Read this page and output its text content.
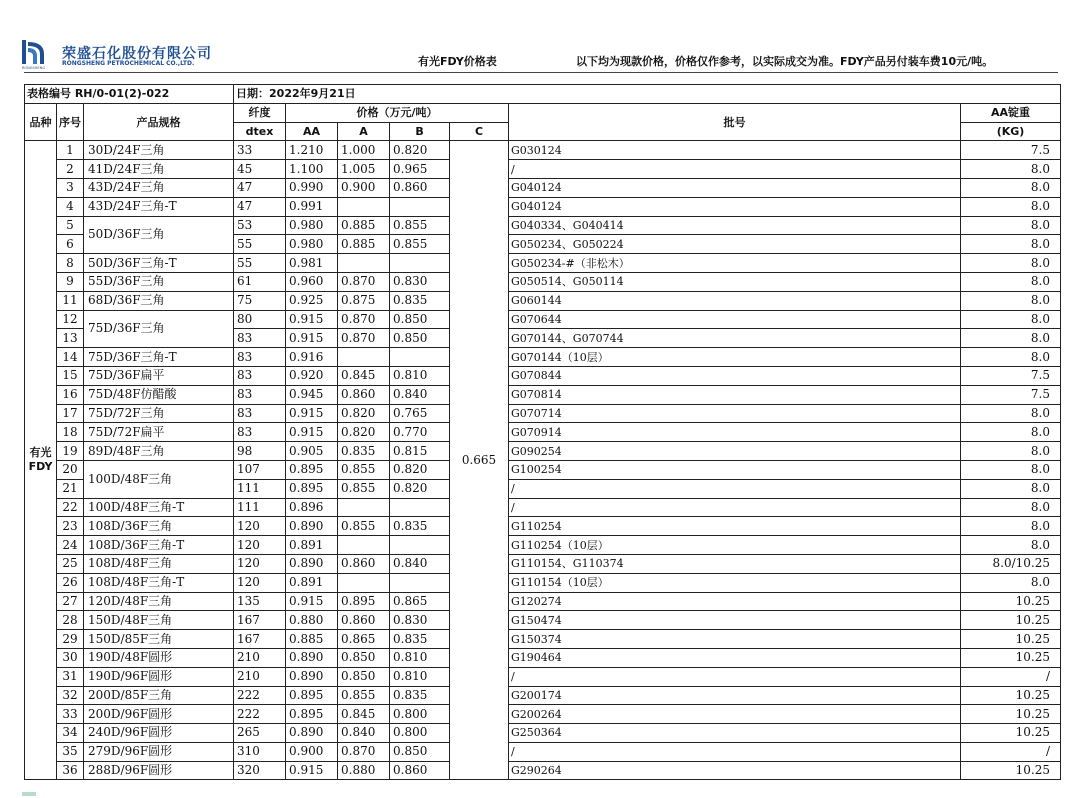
RONGSHENG
荣盛石化股份有限公司
RONGSHENG PETROCHEMICAL CO.,LTD.	有光FDY价格表	以下均为现款价格，价格仅作参考，以实际成交为准。FDY产品另付装车费10元/吨。
表格编号 RH/0-01(2)-022			日期：2022年9月21日						
品种	序号	产品规格	纤度	价格（万元/吨）				批号	AA锭重
			dtex	AA	A	B	C		(KG)
有光FDY	1	30D/24F三角	33	1.210	1.000	0.820	0.665	G030124	7.5
	2	41D/24F三角	45	1.100	1.005	0.965		/	8.0
	3	43D/24F三角	47	0.990	0.900	0.860		G040124	8.0
	4	43D/24F三角-T	47	0.991				G040124	8.0
	5	50D/36F三角	53	0.980	0.885	0.855		G040334、G040414	8.0
	6		55	0.980	0.885	0.855		G050234、G050224	8.0
	8	50D/36F三角-T	55	0.981				G050234-#（非松木）	8.0
	9	55D/36F三角	61	0.960	0.870	0.830		G050514、G050114	8.0
	11	68D/36F三角	75	0.925	0.875	0.835		G060144	8.0
	12	75D/36F三角	80	0.915	0.870	0.850		G070644	8.0
	13		83	0.915	0.870	0.850		G070144、G070744	8.0
	14	75D/36F三角-T	83	0.916				G070144（10层）	8.0
	15	75D/36F扁平	83	0.920	0.845	0.810		G070844	7.5
	16	75D/48F仿醋酸	83	0.945	0.860	0.840		G070814	7.5
	17	75D/72F三角	83	0.915	0.820	0.765		G070714	8.0
	18	75D/72F扁平	83	0.915	0.820	0.770		G070914	8.0
	19	89D/48F三角	98	0.905	0.835	0.815		G090254	8.0
	20	100D/48F三角	107	0.895	0.855	0.820		G100254	8.0
	21		111	0.895	0.855	0.820		/	8.0
	22	100D/48F三角-T	111	0.896				/	8.0
	23	108D/36F三角	120	0.890	0.855	0.835		G110254	8.0
	24	108D/36F三角-T	120	0.891				G110254（10层）	8.0
	25	108D/48F三角	120	0.890	0.860	0.840		G110154、G110374	8.0/10.25
	26	108D/48F三角-T	120	0.891				G110154（10层）	8.0
	27	120D/48F三角	135	0.915	0.895	0.865		G120274	10.25
	28	150D/48F三角	167	0.880	0.860	0.830		G150474	10.25
	29	150D/85F三角	167	0.885	0.865	0.835		G150374	10.25
	30	190D/48F圆形	210	0.890	0.850	0.810		G190464	10.25
	31	190D/96F圆形	210	0.890	0.850	0.810		/	/
	32	200D/85F三角	222	0.895	0.855	0.835		G200174	10.25
	33	200D/96F圆形	222	0.895	0.845	0.800		G200264	10.25
	34	240D/96F圆形	265	0.890	0.840	0.800		G250364	10.25
	35	279D/96F圆形	310	0.900	0.870	0.850		/	/
	36	288D/96F圆形	320	0.915	0.880	0.860		G290264	10.25
